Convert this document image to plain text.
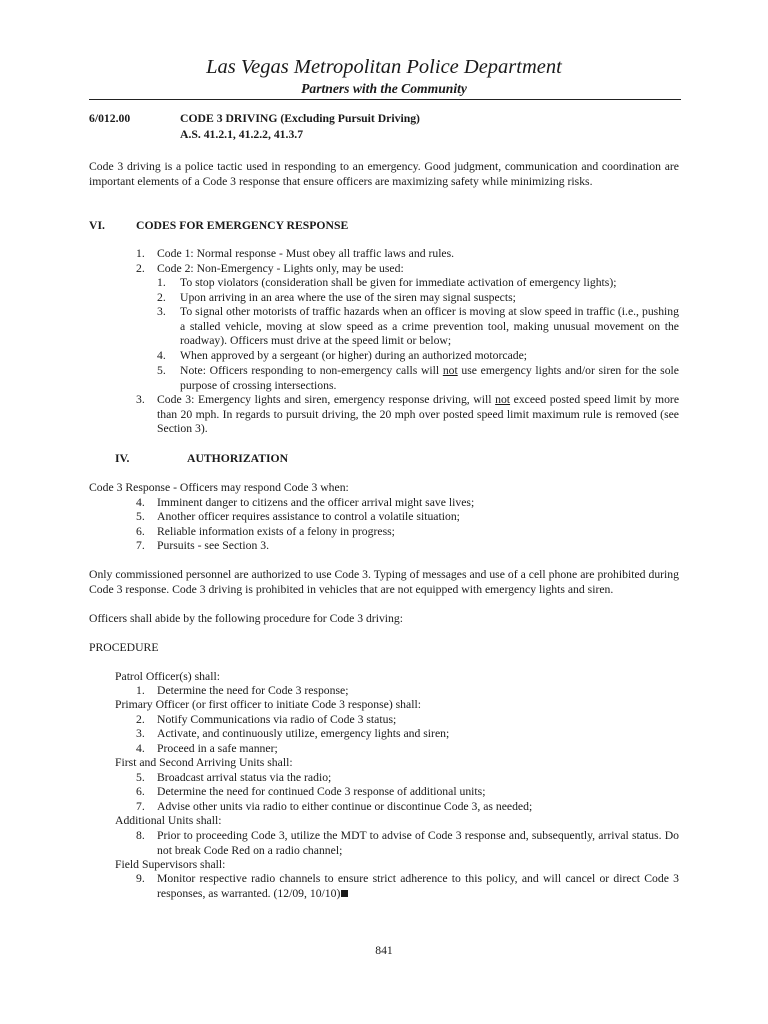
Las Vegas Metropolitan Police Department
Partners with the Community
6/012.00	CODE 3 DRIVING (Excluding Pursuit Driving)
A.S. 41.2.1, 41.2.2, 41.3.7
Code 3 driving is a police tactic used in responding to an emergency. Good judgment, communication and coordination are important elements of a Code 3 response that ensure officers are maximizing safety while minimizing risks.
VI.	CODES FOR EMERGENCY RESPONSE
1.	Code 1: Normal response - Must obey all traffic laws and rules.
2.	Code 2: Non-Emergency - Lights only, may be used:
1.	To stop violators (consideration shall be given for immediate activation of emergency lights);
2.	Upon arriving in an area where the use of the siren may signal suspects;
3.	To signal other motorists of traffic hazards when an officer is moving at slow speed in traffic (i.e., pushing a stalled vehicle, moving at slow speed as a crime prevention tool, making unusual movement on the roadway). Officers must drive at the speed limit or below;
4.	When approved by a sergeant (or higher) during an authorized motorcade;
5.	Note: Officers responding to non-emergency calls will not use emergency lights and/or siren for the sole purpose of crossing intersections.
3.	Code 3: Emergency lights and siren, emergency response driving, will not exceed posted speed limit by more than 20 mph. In regards to pursuit driving, the 20 mph over posted speed limit maximum rule is removed (see Section 3).
IV.	AUTHORIZATION
Code 3 Response - Officers may respond Code 3 when:
4.	Imminent danger to citizens and the officer arrival might save lives;
5.	Another officer requires assistance to control a volatile situation;
6.	Reliable information exists of a felony in progress;
7.	Pursuits - see Section 3.
Only commissioned personnel are authorized to use Code 3. Typing of messages and use of a cell phone are prohibited during Code 3 response. Code 3 driving is prohibited in vehicles that are not equipped with emergency lights and siren.
Officers shall abide by the following procedure for Code 3 driving:
PROCEDURE
Patrol Officer(s) shall:
1.	Determine the need for Code 3 response;
Primary Officer (or first officer to initiate Code 3 response) shall:
2.	Notify Communications via radio of Code 3 status;
3.	Activate, and continuously utilize, emergency lights and siren;
4.	Proceed in a safe manner;
First and Second Arriving Units shall:
5.	Broadcast arrival status via the radio;
6.	Determine the need for continued Code 3 response of additional units;
7.	Advise other units via radio to either continue or discontinue Code 3, as needed;
Additional Units shall:
8.	Prior to proceeding Code 3, utilize the MDT to advise of Code 3 response and, subsequently, arrival status. Do not break Code Red on a radio channel;
Field Supervisors shall:
9.	Monitor respective radio channels to ensure strict adherence to this policy, and will cancel or direct Code 3 responses, as warranted. (12/09, 10/10)
841
